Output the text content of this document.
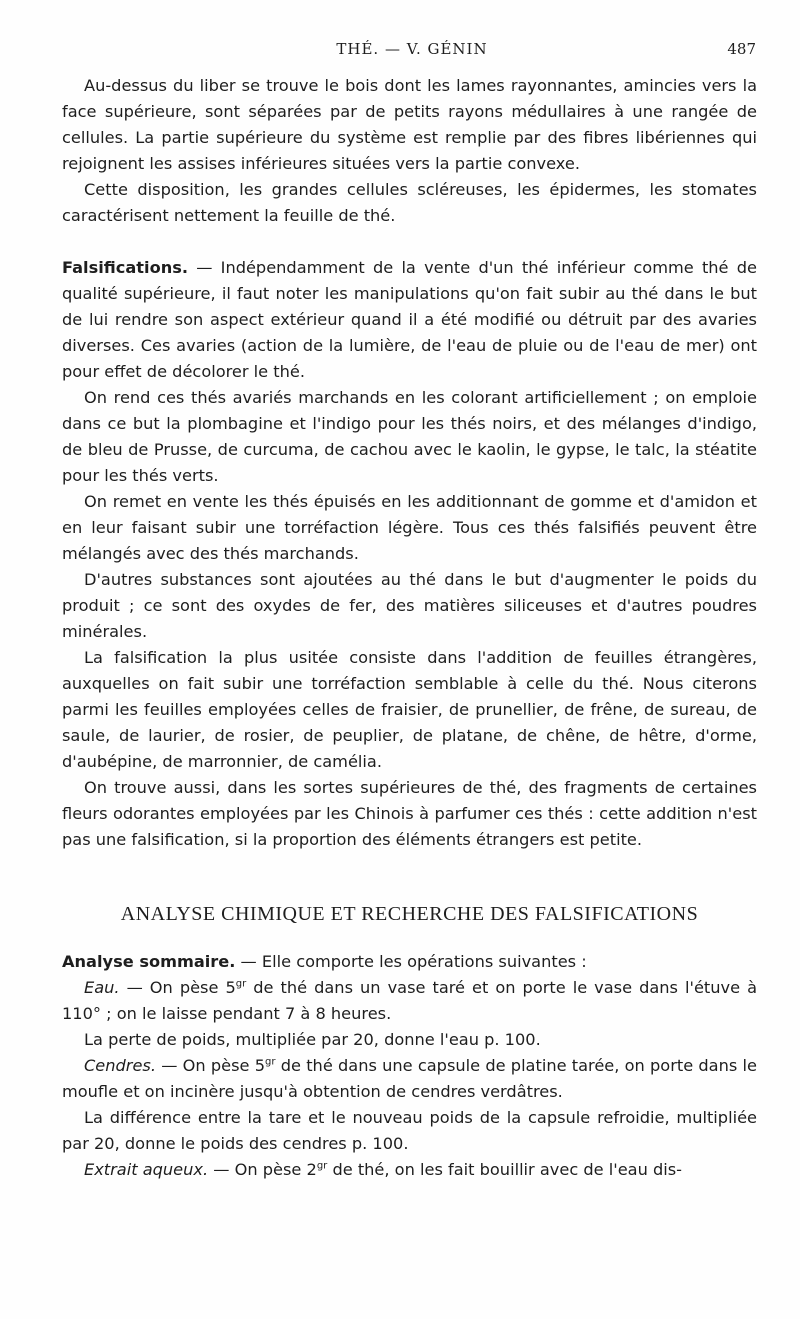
THÉ. — V. GÉNIN	487

Au-dessus du liber se trouve le bois dont les lames rayonnantes, amincies vers la face supérieure, sont séparées par de petits rayons médullaires à une rangée de cellules. La partie supérieure du système est remplie par des fibres libériennes qui rejoignent les assises inférieures situées vers la partie convexe.

Cette disposition, les grandes cellules scléreuses, les épidermes, les stomates caractérisent nettement la feuille de thé.

Falsifications. — Indépendamment de la vente d'un thé inférieur comme thé de qualité supérieure, il faut noter les manipulations qu'on fait subir au thé dans le but de lui rendre son aspect extérieur quand il a été modifié ou détruit par des avaries diverses. Ces avaries (action de la lumière, de l'eau de pluie ou de l'eau de mer) ont pour effet de décolorer le thé.

On rend ces thés avariés marchands en les colorant artificiellement ; on emploie dans ce but la plombagine et l'indigo pour les thés noirs, et des mélanges d'indigo, de bleu de Prusse, de curcuma, de cachou avec le kaolin, le gypse, le talc, la stéatite pour les thés verts.

On remet en vente les thés épuisés en les additionnant de gomme et d'amidon et en leur faisant subir une torréfaction légère. Tous ces thés falsifiés peuvent être mélangés avec des thés marchands.

D'autres substances sont ajoutées au thé dans le but d'augmenter le poids du produit ; ce sont des oxydes de fer, des matières siliceuses et d'autres poudres minérales.

La falsification la plus usitée consiste dans l'addition de feuilles étrangères, auxquelles on fait subir une torréfaction semblable à celle du thé. Nous citerons parmi les feuilles employées celles de fraisier, de prunellier, de frêne, de sureau, de saule, de laurier, de rosier, de peuplier, de platane, de chêne, de hêtre, d'orme, d'aubépine, de marronnier, de camélia.

On trouve aussi, dans les sortes supérieures de thé, des fragments de certaines fleurs odorantes employées par les Chinois à parfumer ces thés : cette addition n'est pas une falsification, si la proportion des éléments étrangers est petite.

ANALYSE CHIMIQUE ET RECHERCHE DES FALSIFICATIONS

Analyse sommaire. — Elle comporte les opérations suivantes :

Eau. — On pèse $5^{gr}$ de thé dans un vase taré et on porte le vase dans l'étuve à 110° ; on le laisse pendant 7 à 8 heures.

La perte de poids, multipliée par 20, donne l'eau p. 100.

Cendres. — On pèse $5^{gr}$ de thé dans une capsule de platine tarée, on porte dans le moufle et on incinère jusqu'à obtention de cendres verdâtres.

La différence entre la tare et le nouveau poids de la capsule refroidie, multipliée par 20, donne le poids des cendres p. 100.

Extrait aqueux. — On pèse $2^{gr}$ de thé, on les fait bouillir avec de l'eau dis-
